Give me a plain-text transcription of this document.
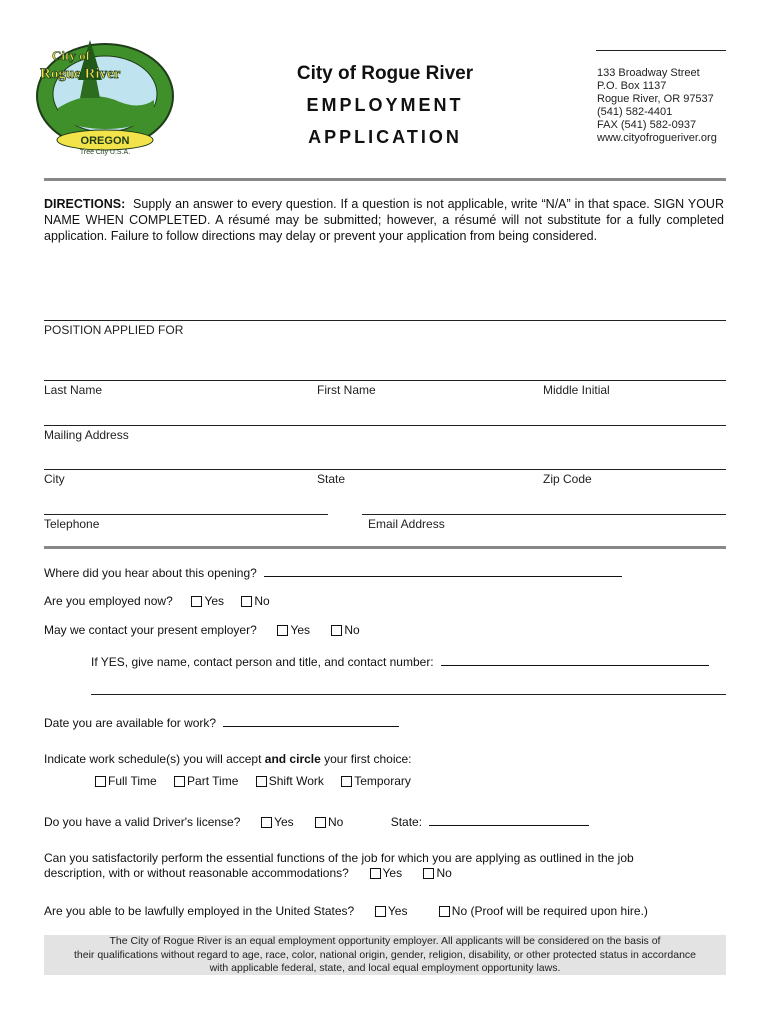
OREGON
City of
Rogue River
Tree City U.S.A.
City of Rogue River
EMPLOYMENT
APPLICATION
133 Broadway Street
P.O. Box 1137
Rogue River, OR 97537
(541) 582-4401
FAX (541) 582-0937
www.cityofrogueriver.org
DIRECTIONS: Supply an answer to every question. If a question is not applicable, write “N/A” in that space. SIGN YOUR NAME WHEN COMPLETED. A résumé may be submitted; however, a résumé will not substitute for a fully completed application. Failure to follow directions may delay or prevent your application from being considered.
POSITION APPLIED FOR
Last Name	First Name	Middle Initial
Mailing Address
City	State	Zip Code
Telephone	Email Address
Where did you hear about this opening?
Are you employed now?	Yes	No
May we contact your present employer?	Yes	No
If YES, give name, contact person and title, and contact number:
Date you are available for work?
Indicate work schedule(s) you will accept and circle your first choice:
Full Time	Part Time	Shift Work	Temporary
Do you have a valid Driver's license?	Yes	No	State:
Can you satisfactorily perform the essential functions of the job for which you are applying as outlined in the job
description, with or without reasonable accommodations?	Yes	No
Are you able to be lawfully employed in the United States?	Yes	No (Proof will be required upon hire.)
The City of Rogue River is an equal employment opportunity employer. All applicants will be considered on the basis of
their qualifications without regard to age, race, color, national origin, gender, religion, disability, or other protected status in accordance
with applicable federal, state, and local equal employment opportunity laws.
